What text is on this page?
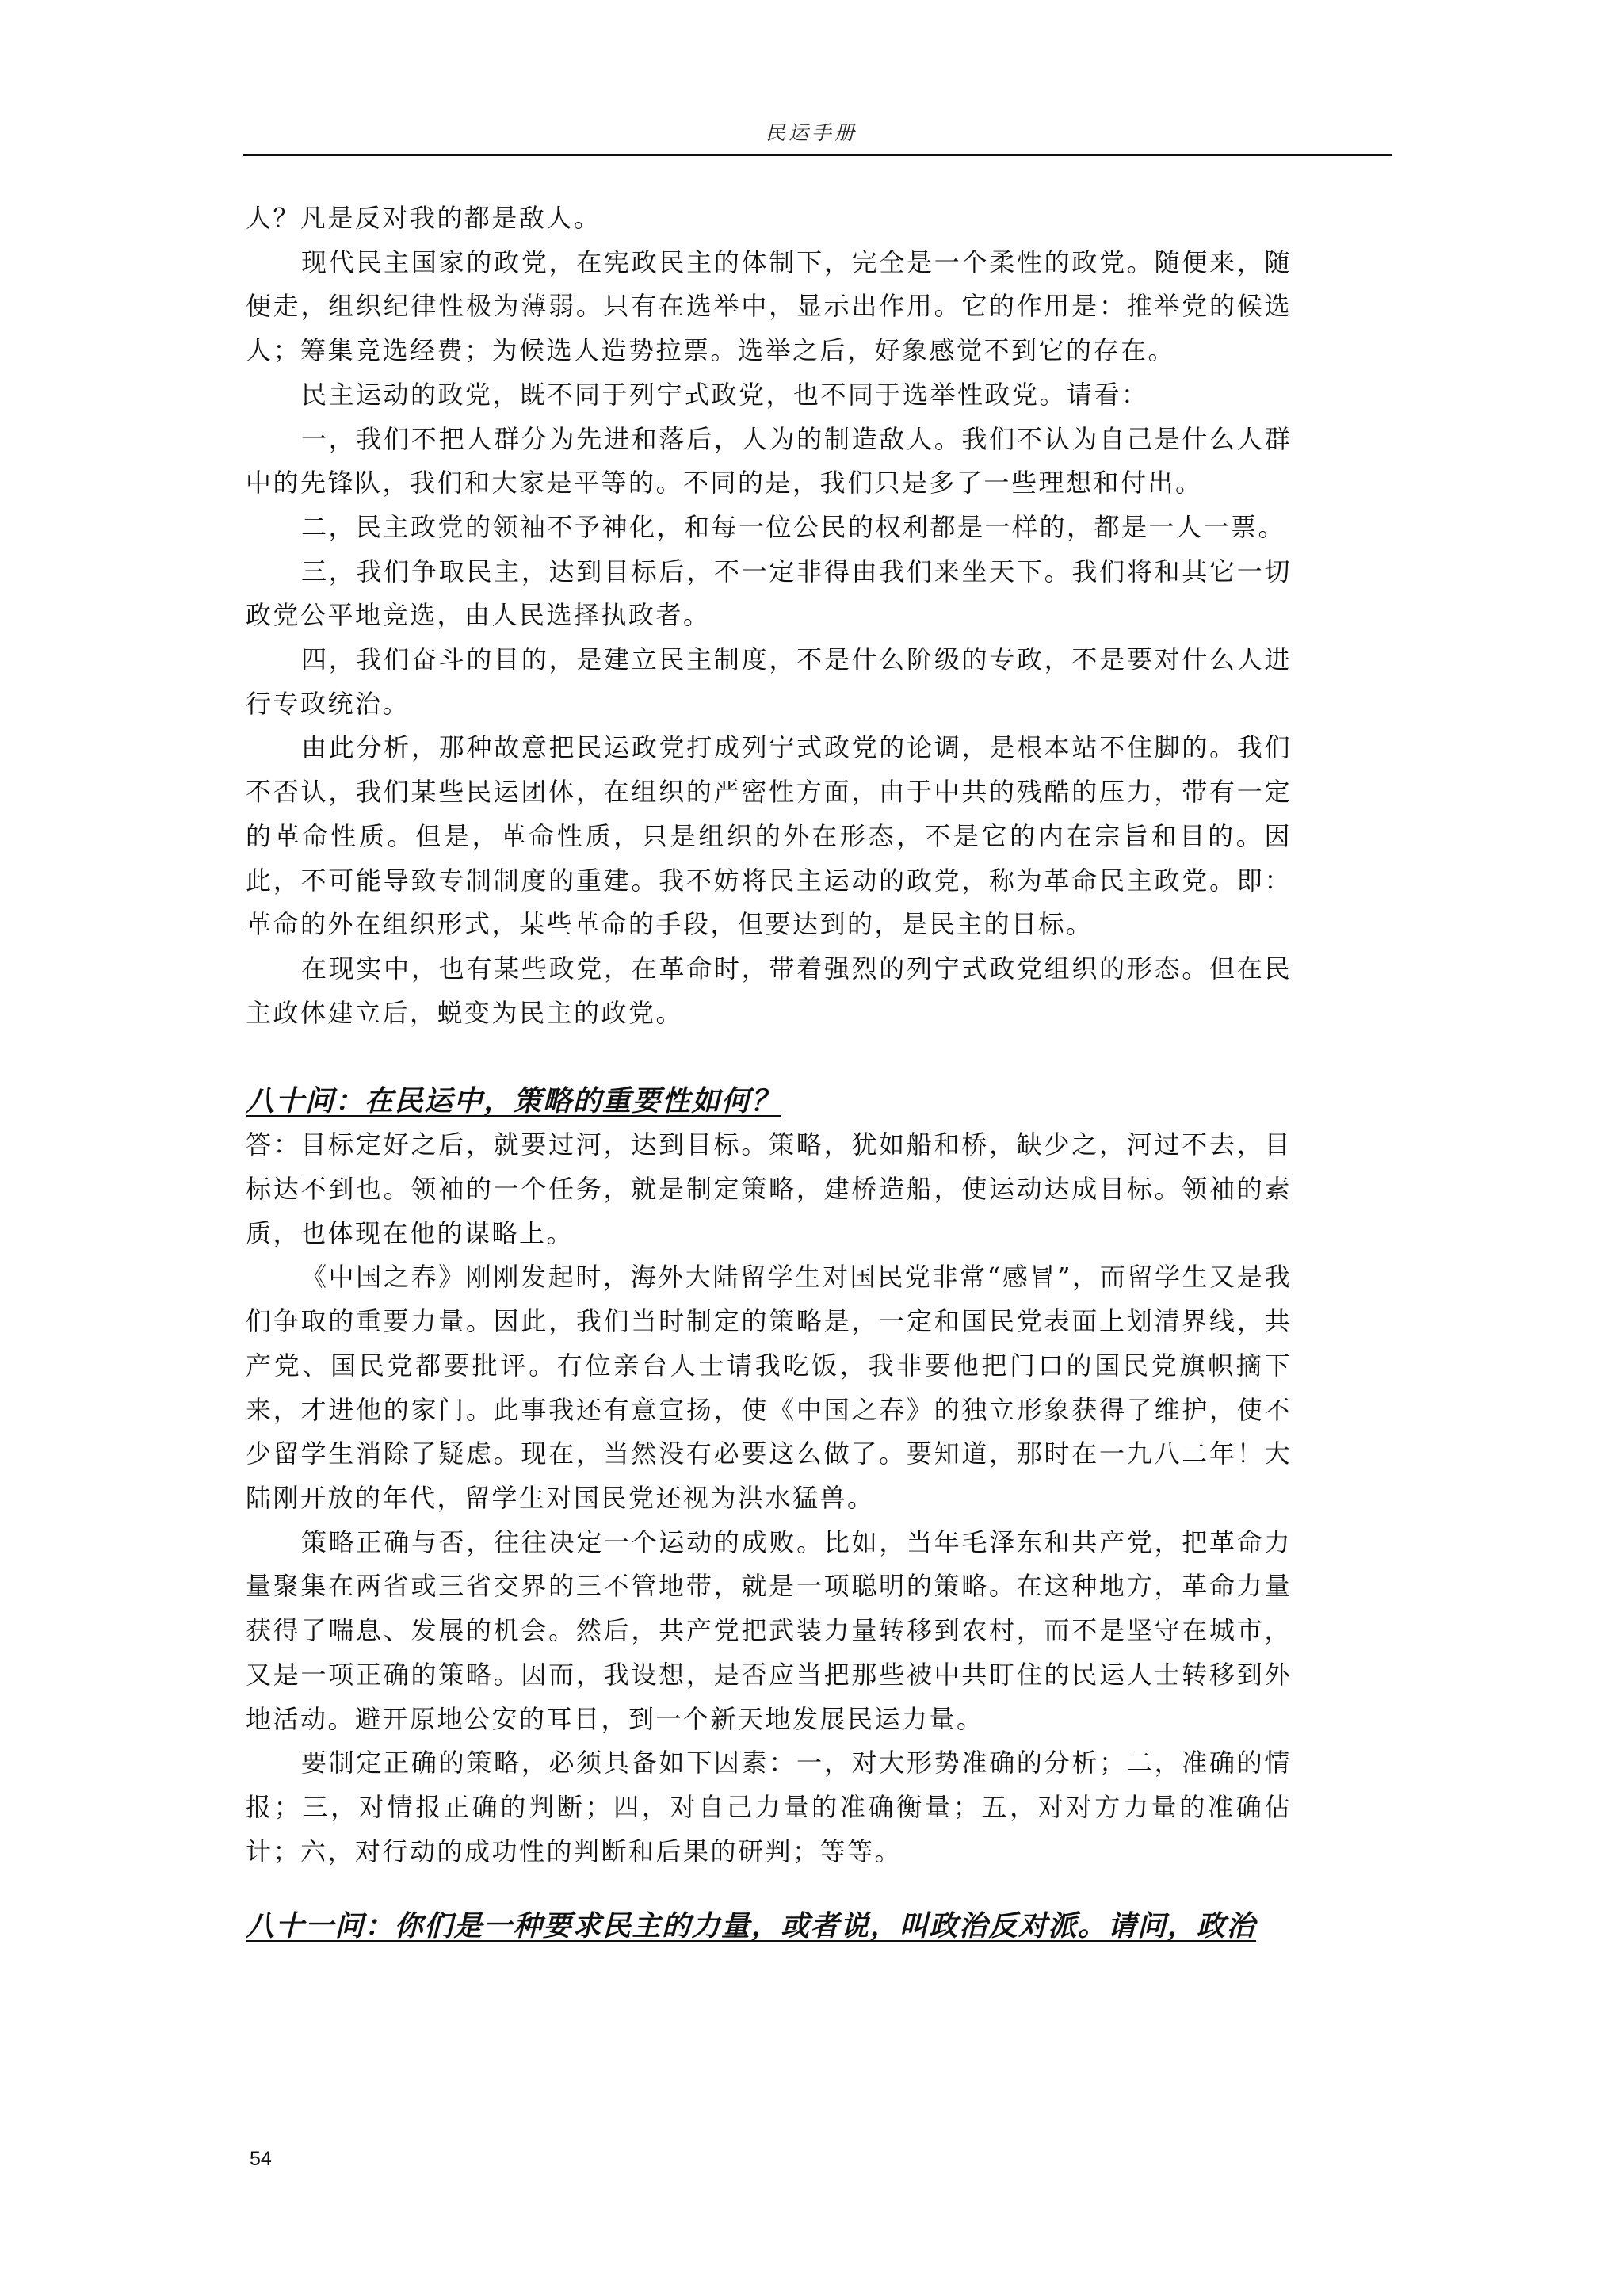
民运手册

人？凡是反对我的都是敌人。

现代民主国家的政党，在宪政民主的体制下，完全是一个柔性的政党。随便来，随便走，组织纪律性极为薄弱。只有在选举中，显示出作用。它的作用是：推举党的候选人；筹集竞选经费；为候选人造势拉票。选举之后，好象感觉不到它的存在。

民主运动的政党，既不同于列宁式政党，也不同于选举性政党。请看：

一，我们不把人群分为先进和落后，人为的制造敌人。我们不认为自己是什么人群中的先锋队，我们和大家是平等的。不同的是，我们只是多了一些理想和付出。

二，民主政党的领袖不予神化，和每一位公民的权利都是一样的，都是一人一票。

三，我们争取民主，达到目标后，不一定非得由我们来坐天下。我们将和其它一切政党公平地竞选，由人民选择执政者。

四，我们奋斗的目的，是建立民主制度，不是什么阶级的专政，不是要对什么人进行专政统治。

由此分析，那种故意把民运政党打成列宁式政党的论调，是根本站不住脚的。我们不否认，我们某些民运团体，在组织的严密性方面，由于中共的残酷的压力，带有一定的革命性质。但是，革命性质，只是组织的外在形态，不是它的内在宗旨和目的。因此，不可能导致专制制度的重建。我不妨将民主运动的政党，称为革命民主政党。即：革命的外在组织形式，某些革命的手段，但要达到的，是民主的目标。

在现实中，也有某些政党，在革命时，带着强烈的列宁式政党组织的形态。但在民主政体建立后，蜕变为民主的政党。

八十问：在民运中，策略的重要性如何？

答：目标定好之后，就要过河，达到目标。策略，犹如船和桥，缺少之，河过不去，目标达不到也。领袖的一个任务，就是制定策略，建桥造船，使运动达成目标。领袖的素质，也体现在他的谋略上。

《中国之春》刚刚发起时，海外大陆留学生对国民党非常“感冒”，而留学生又是我们争取的重要力量。因此，我们当时制定的策略是，一定和国民党表面上划清界线，共产党、国民党都要批评。有位亲台人士请我吃饭，我非要他把门口的国民党旗帜摘下来，才进他的家门。此事我还有意宣扬，使《中国之春》的独立形象获得了维护，使不少留学生消除了疑虑。现在，当然没有必要这么做了。要知道，那时在一九八二年！大陆刚开放的年代，留学生对国民党还视为洪水猛兽。

策略正确与否，往往决定一个运动的成败。比如，当年毛泽东和共产党，把革命力量聚集在两省或三省交界的三不管地带，就是一项聪明的策略。在这种地方，革命力量获得了喘息、发展的机会。然后，共产党把武装力量转移到农村，而不是坚守在城市，又是一项正确的策略。因而，我设想，是否应当把那些被中共盯住的民运人士转移到外地活动。避开原地公安的耳目，到一个新天地发展民运力量。

要制定正确的策略，必须具备如下因素：一，对大形势准确的分析；二，准确的情报；三，对情报正确的判断；四，对自己力量的准确衡量；五，对对方力量的准确估计；六，对行动的成功性的判断和后果的研判；等等。

八十一问：你们是一种要求民主的力量，或者说，叫政治反对派。请问，政治
54
